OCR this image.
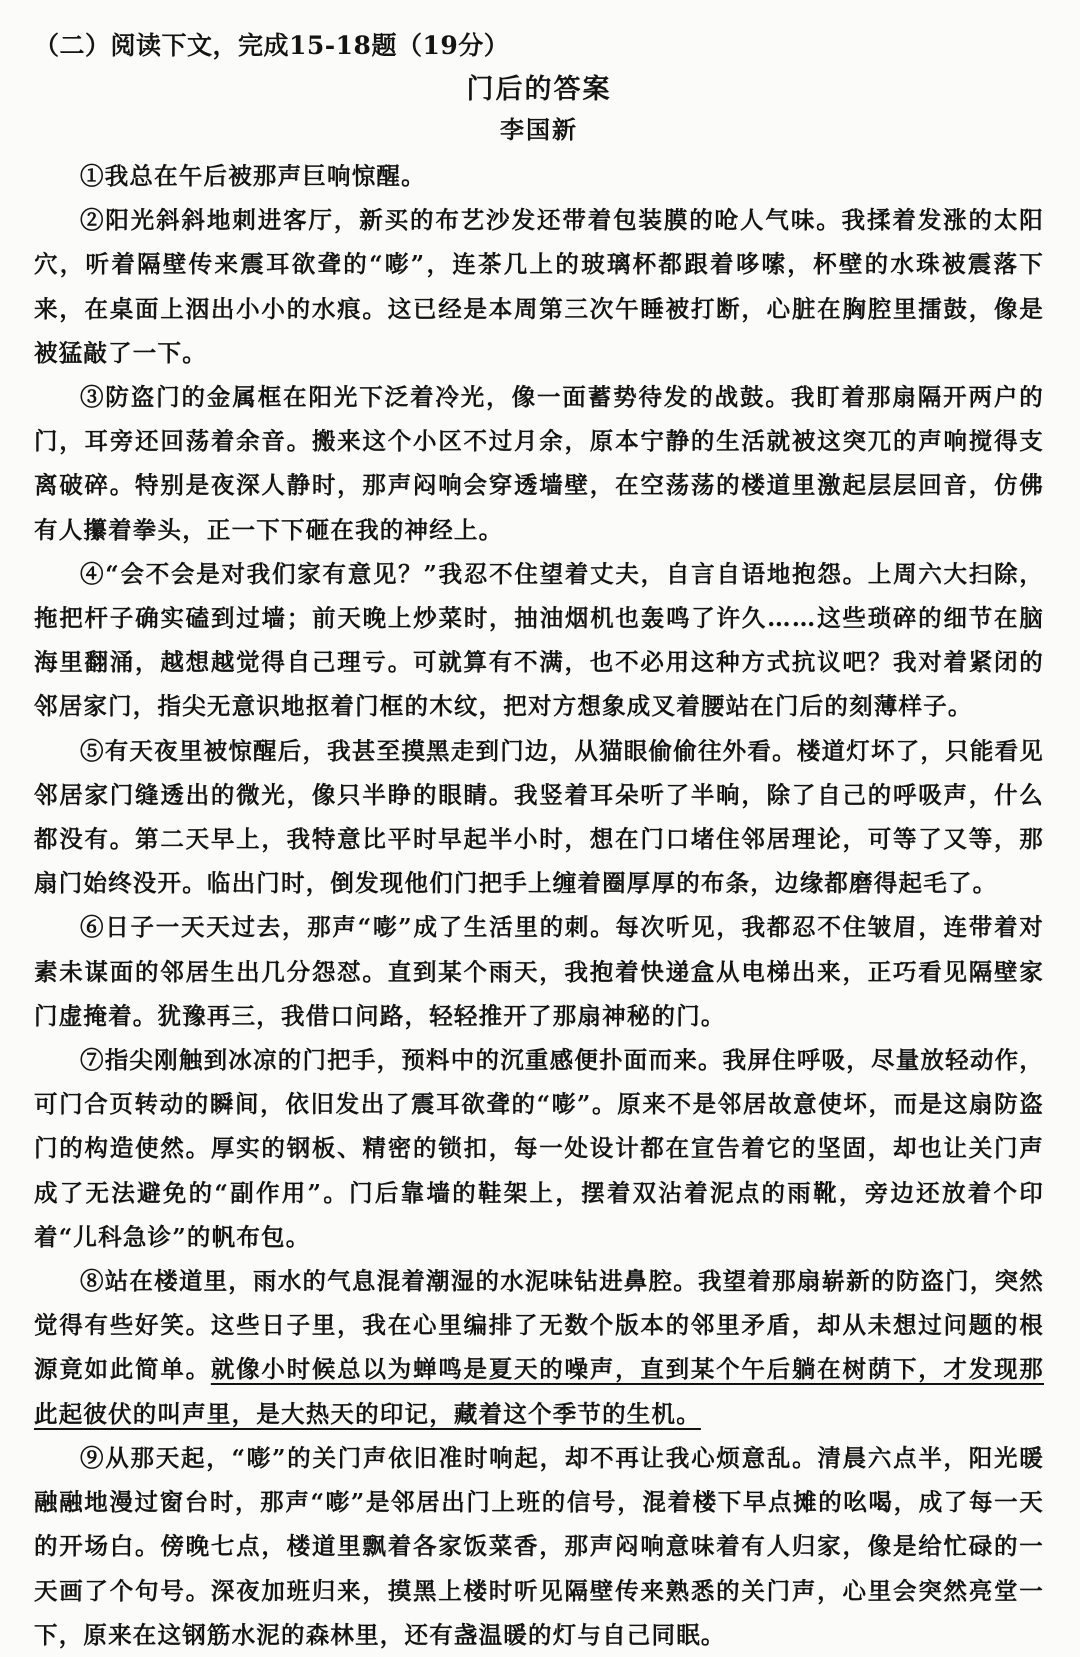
（二）阅读下文，完成15-18题（19分）
门后的答案
李国新

①我总在午后被那声巨响惊醒。

②阳光斜斜地刺进客厅，新买的布艺沙发还带着包装膜的呛人气味。我揉着发涨的太阳穴，听着隔壁传来震耳欲聋的“嘭”，连茶几上的玻璃杯都跟着哆嗦，杯壁的水珠被震落下来，在桌面上洇出小小的水痕。这已经是本周第三次午睡被打断，心脏在胸腔里擂鼓，像是被猛敲了一下。

③防盗门的金属框在阳光下泛着冷光，像一面蓄势待发的战鼓。我盯着那扇隔开两户的门，耳旁还回荡着余音。搬来这个小区不过月余，原本宁静的生活就被这突兀的声响搅得支离破碎。特别是夜深人静时，那声闷响会穿透墙壁，在空荡荡的楼道里激起层层回音，仿佛有人攥着拳头，正一下下砸在我的神经上。

④“会不会是对我们家有意见？”我忍不住望着丈夫，自言自语地抱怨。上周六大扫除，拖把杆子确实磕到过墙；前天晚上炒菜时，抽油烟机也轰鸣了许久……这些琐碎的细节在脑海里翻涌，越想越觉得自己理亏。可就算有不满，也不必用这种方式抗议吧？我对着紧闭的邻居家门，指尖无意识地抠着门框的木纹，把对方想象成叉着腰站在门后的刻薄样子。

⑤有天夜里被惊醒后，我甚至摸黑走到门边，从猫眼偷偷往外看。楼道灯坏了，只能看见邻居家门缝透出的微光，像只半睁的眼睛。我竖着耳朵听了半晌，除了自己的呼吸声，什么都没有。第二天早上，我特意比平时早起半小时，想在门口堵住邻居理论，可等了又等，那扇门始终没开。临出门时，倒发现他们门把手上缠着圈厚厚的布条，边缘都磨得起毛了。

⑥日子一天天过去，那声“嘭”成了生活里的刺。每次听见，我都忍不住皱眉，连带着对素未谋面的邻居生出几分怨怼。直到某个雨天，我抱着快递盒从电梯出来，正巧看见隔壁家门虚掩着。犹豫再三，我借口问路，轻轻推开了那扇神秘的门。

⑦指尖刚触到冰凉的门把手，预料中的沉重感便扑面而来。我屏住呼吸，尽量放轻动作，可门合页转动的瞬间，依旧发出了震耳欲聋的“嘭”。原来不是邻居故意使坏，而是这扇防盗门的构造使然。厚实的钢板、精密的锁扣，每一处设计都在宣告着它的坚固，却也让关门声成了无法避免的“副作用”。门后靠墙的鞋架上，摆着双沾着泥点的雨靴，旁边还放着个印着“儿科急诊”的帆布包。

⑧站在楼道里，雨水的气息混着潮湿的水泥味钻进鼻腔。我望着那扇崭新的防盗门，突然觉得有些好笑。这些日子里，我在心里编排了无数个版本的邻里矛盾，却从未想过问题的根源竟如此简单。就像小时候总以为蝉鸣是夏天的噪声，直到某个午后躺在树荫下，才发现那此起彼伏的叫声里，是大热天的印记，藏着这个季节的生机。

⑨从那天起，“嘭”的关门声依旧准时响起，却不再让我心烦意乱。清晨六点半，阳光暖融融地漫过窗台时，那声“嘭”是邻居出门上班的信号，混着楼下早点摊的吆喝，成了每一天的开场白。傍晚七点，楼道里飘着各家饭菜香，那声闷响意味着有人归家，像是给忙碌的一天画了个句号。深夜加班归来，摸黑上楼时听见隔壁传来熟悉的关门声，心里会突然亮堂一下，原来在这钢筋水泥的森林里，还有盏温暖的灯与自己同眠。
